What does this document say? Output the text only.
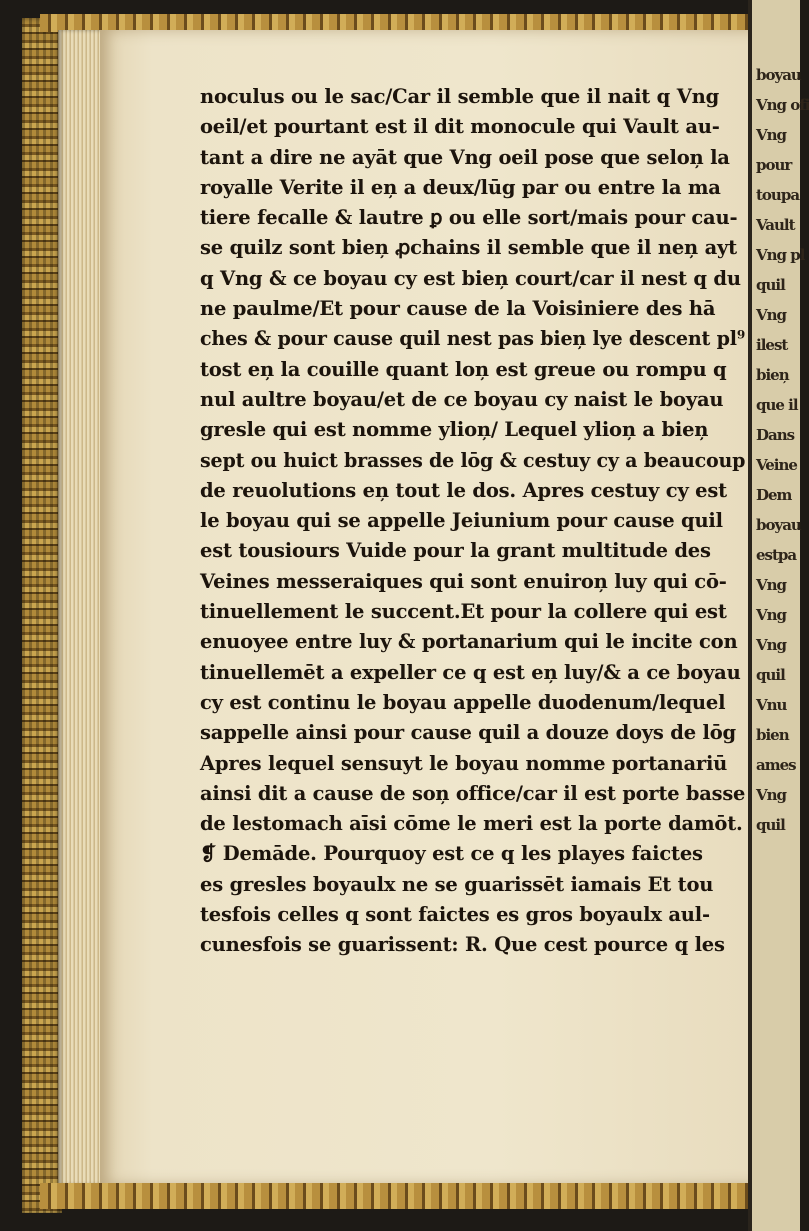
noculus ou le sac/Car il semble que il nait q Vng
oeil/et pourtant est il dit monocule qui Vault au-
tant a dire ne ayāt que Vng oeil pose que seloņ la
royalle Verite il eņ a deux/lūg par ou entre la ma
tiere fecalle & lautre ꝑ ou elle sort/mais pour cau-
se quilz sont bieņ ꝓchains il semble que il neņ ayt
q Vng & ce boyau cy est bieņ court/car il nest q du
ne paulme/Et pour cause de la Voisiniere des hā
ches & pour cause quil nest pas bieņ lye descent pl⁹
tost eņ la couille quant loņ est greue ou rompu q
nul aultre boyau/et de ce boyau cy naist le boyau
gresle qui est nomme ylioņ/ Lequel ylioņ a bieņ
sept ou huict brasses de lōg & cestuy cy a beaucoup
de reuolutions eņ tout le dos. Apres cestuy cy est
le boyau qui se appelle Jeiunium pour cause quil
est tousiours Vuide pour la grant multitude des
Veines messeraiques qui sont enuiroņ luy qui cō-
tinuellement le succent.Et pour la collere qui est
enuoyee entre luy & portanarium qui le incite con
tinuellemēt a expeller ce q est eņ luy/& a ce boyau
cy est continu le boyau appelle duodenum/lequel
sappelle ainsi pour cause quil a douze doys de lōg
Apres lequel sensuyt le boyau nomme portanariū
ainsi dit a cause de soņ office/car il est porte basse
de lestomach aīsi cōme le meri est la porte damōt.
❡ Demāde. Pourquoy est ce q les playes faictes
es gresles boyaulx ne se guarissēt iamais Et tou
tesfois celles q sont faictes es gros boyaulx aul-
cunesfois se guarissent: R. Que cest pource q les
boyau
Vng ofi
Vng
pour
toupa
Vault
Vng pl
quil
Vng
ilest
bieņ
que il
Dans
Veine
Dem
boyau
estpa
Vng
Vng
Vng
quil
Vnu
bien
ames
Vng
quil
